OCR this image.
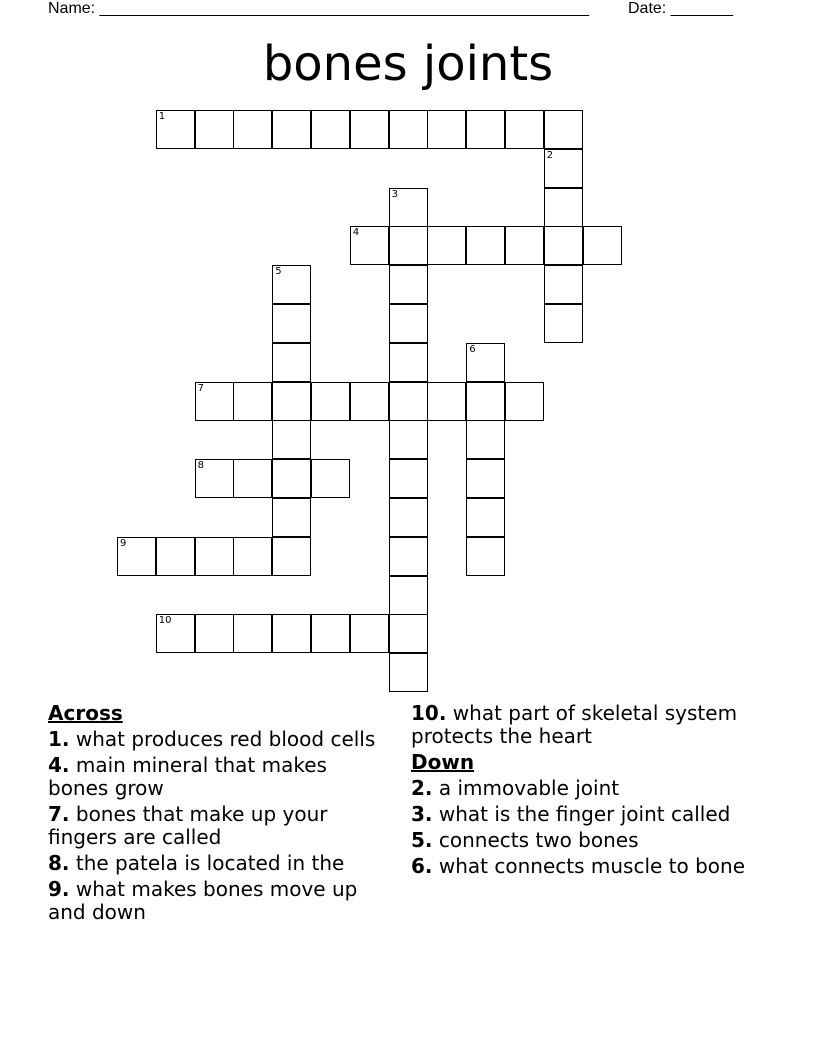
Name: _______________________________________________________ Date: _______
bones joints
1
2
3
4
5
6
7
8
9
10
Across
1. what produces red blood cells
4. main mineral that makes bones grow
7. bones that make up your fingers are called
8. the patela is located in the
9. what makes bones move up and down
10. what part of skeletal system protects the heart
Down
2. a immovable joint
3. what is the finger joint called
5. connects two bones
6. what connects muscle to bone
